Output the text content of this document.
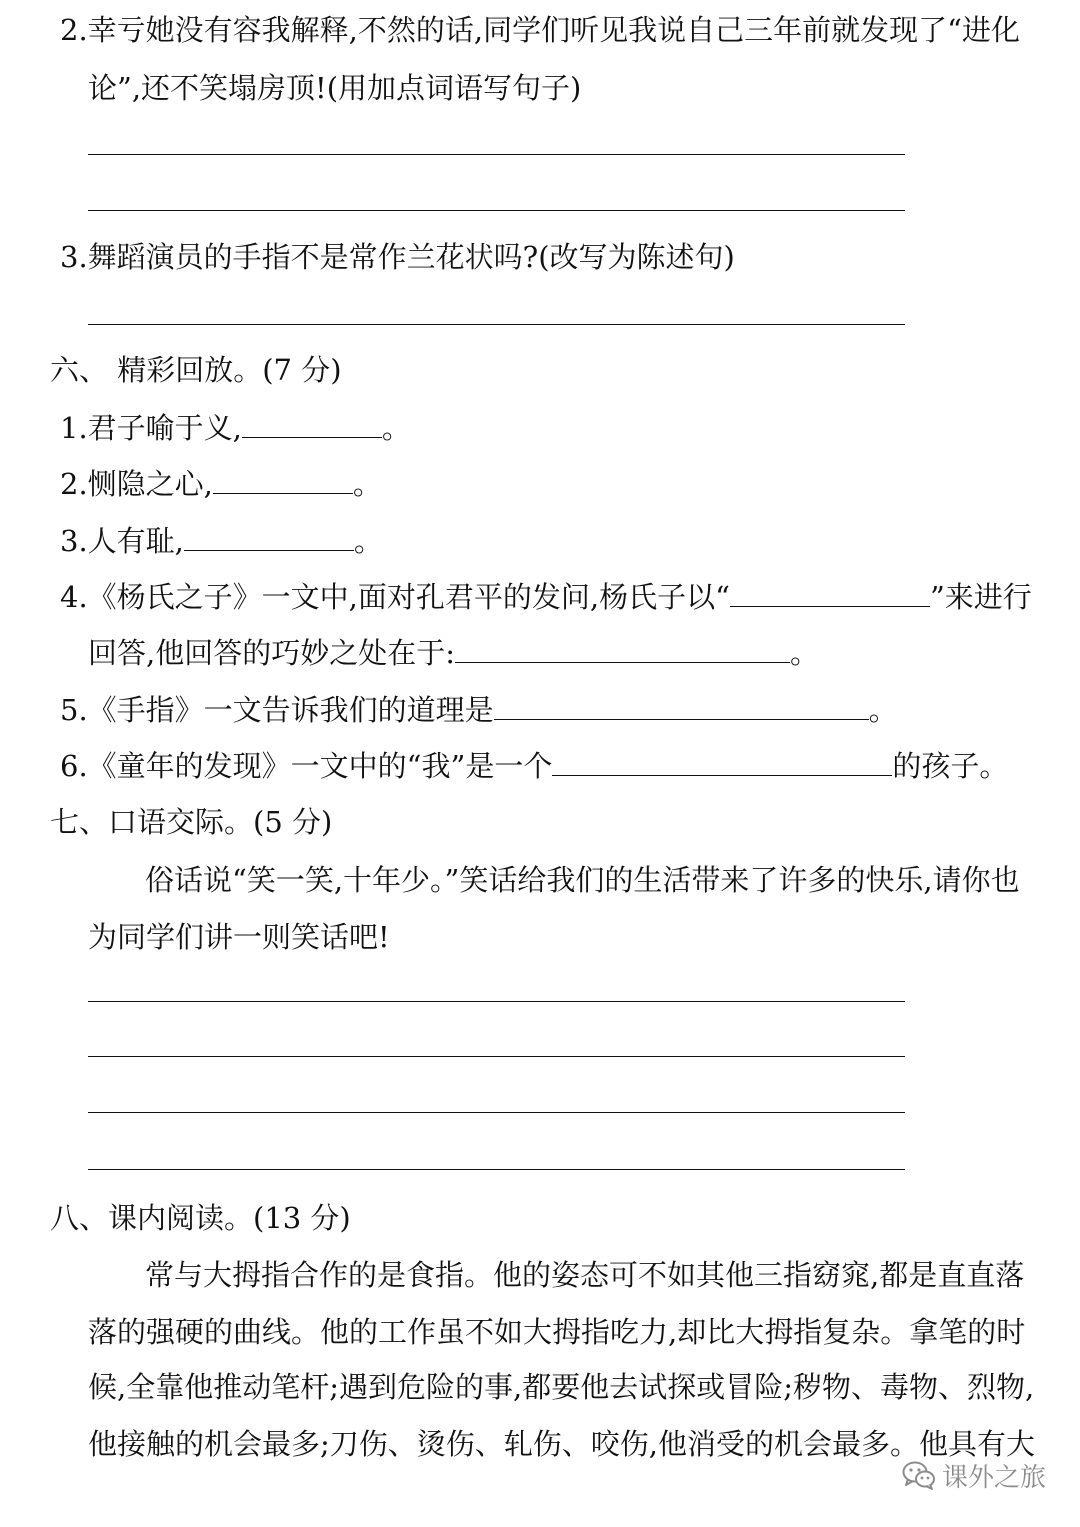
2.幸亏她没有容我解释,不然的话,同学们听见我说自己三年前就发现了“进化
论”,还不笑塌房顶!(用加点词语写句子)
3.舞蹈演员的手指不是常作兰花状吗?(改写为陈述句)
六、 精彩回放。(7 分)
1.君子喻于义,	。
2.恻隐之心,	。
3.人有耻,	。
4.《杨氏之子》一文中,面对孔君平的发问,杨氏子以“	”来进行
回答,他回答的巧妙之处在于:	。
5.《手指》一文告诉我们的道理是	。
6.《童年的发现》一文中的“我”是一个	的孩子。
七、口语交际。(5 分)
俗话说“笑一笑,十年少。”笑话给我们的生活带来了许多的快乐,请你也
为同学们讲一则笑话吧!
八、课内阅读。(13 分)
常与大拇指合作的是食指。他的姿态可不如其他三指窈窕,都是直直落
落的强硬的曲线。他的工作虽不如大拇指吃力,却比大拇指复杂。拿笔的时
候,全靠他推动笔杆;遇到危险的事,都要他去试探或冒险;秽物、毒物、烈物,
他接触的机会最多;刀伤、烫伤、轧伤、咬伤,他消受的机会最多。他具有大
课外之旅
